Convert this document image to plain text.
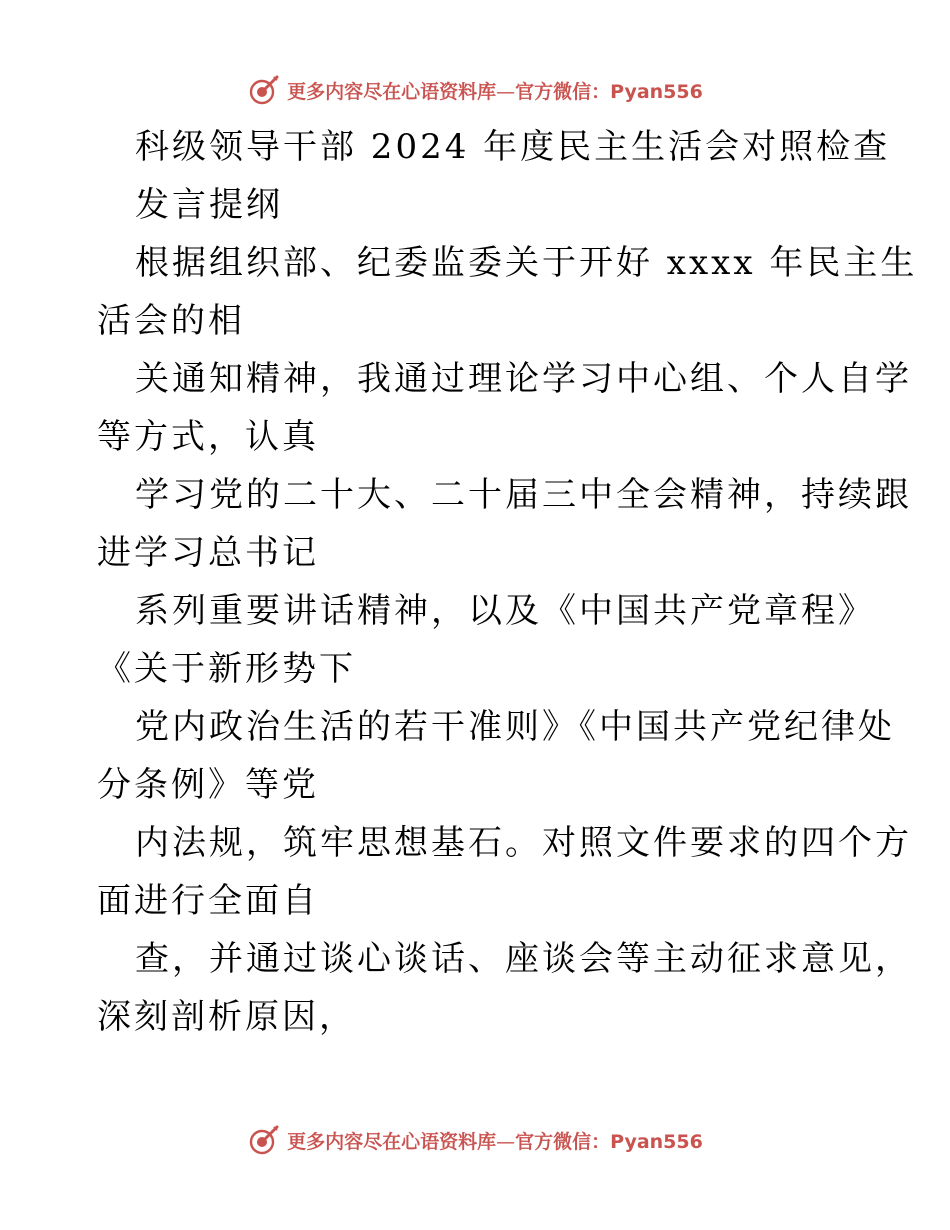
更多内容尽在心语资料库—官方微信：Pyan556
科级领导干部 2024 年度民主生活会对照检查
发言提纲
根据组织部、纪委监委关于开好 xxxx 年民主生
活会的相
关通知精神，我通过理论学习中心组、个人自学
等方式，认真
学习党的二十大、二十届三中全会精神，持续跟
进学习总书记
系列重要讲话精神，以及《中国共产党章程》
《关于新形势下
党内政治生活的若干准则》《中国共产党纪律处
分条例》等党
内法规，筑牢思想基石。对照文件要求的四个方
面进行全面自
查，并通过谈心谈话、座谈会等主动征求意见，
深刻剖析原因，
更多内容尽在心语资料库—官方微信：Pyan556
